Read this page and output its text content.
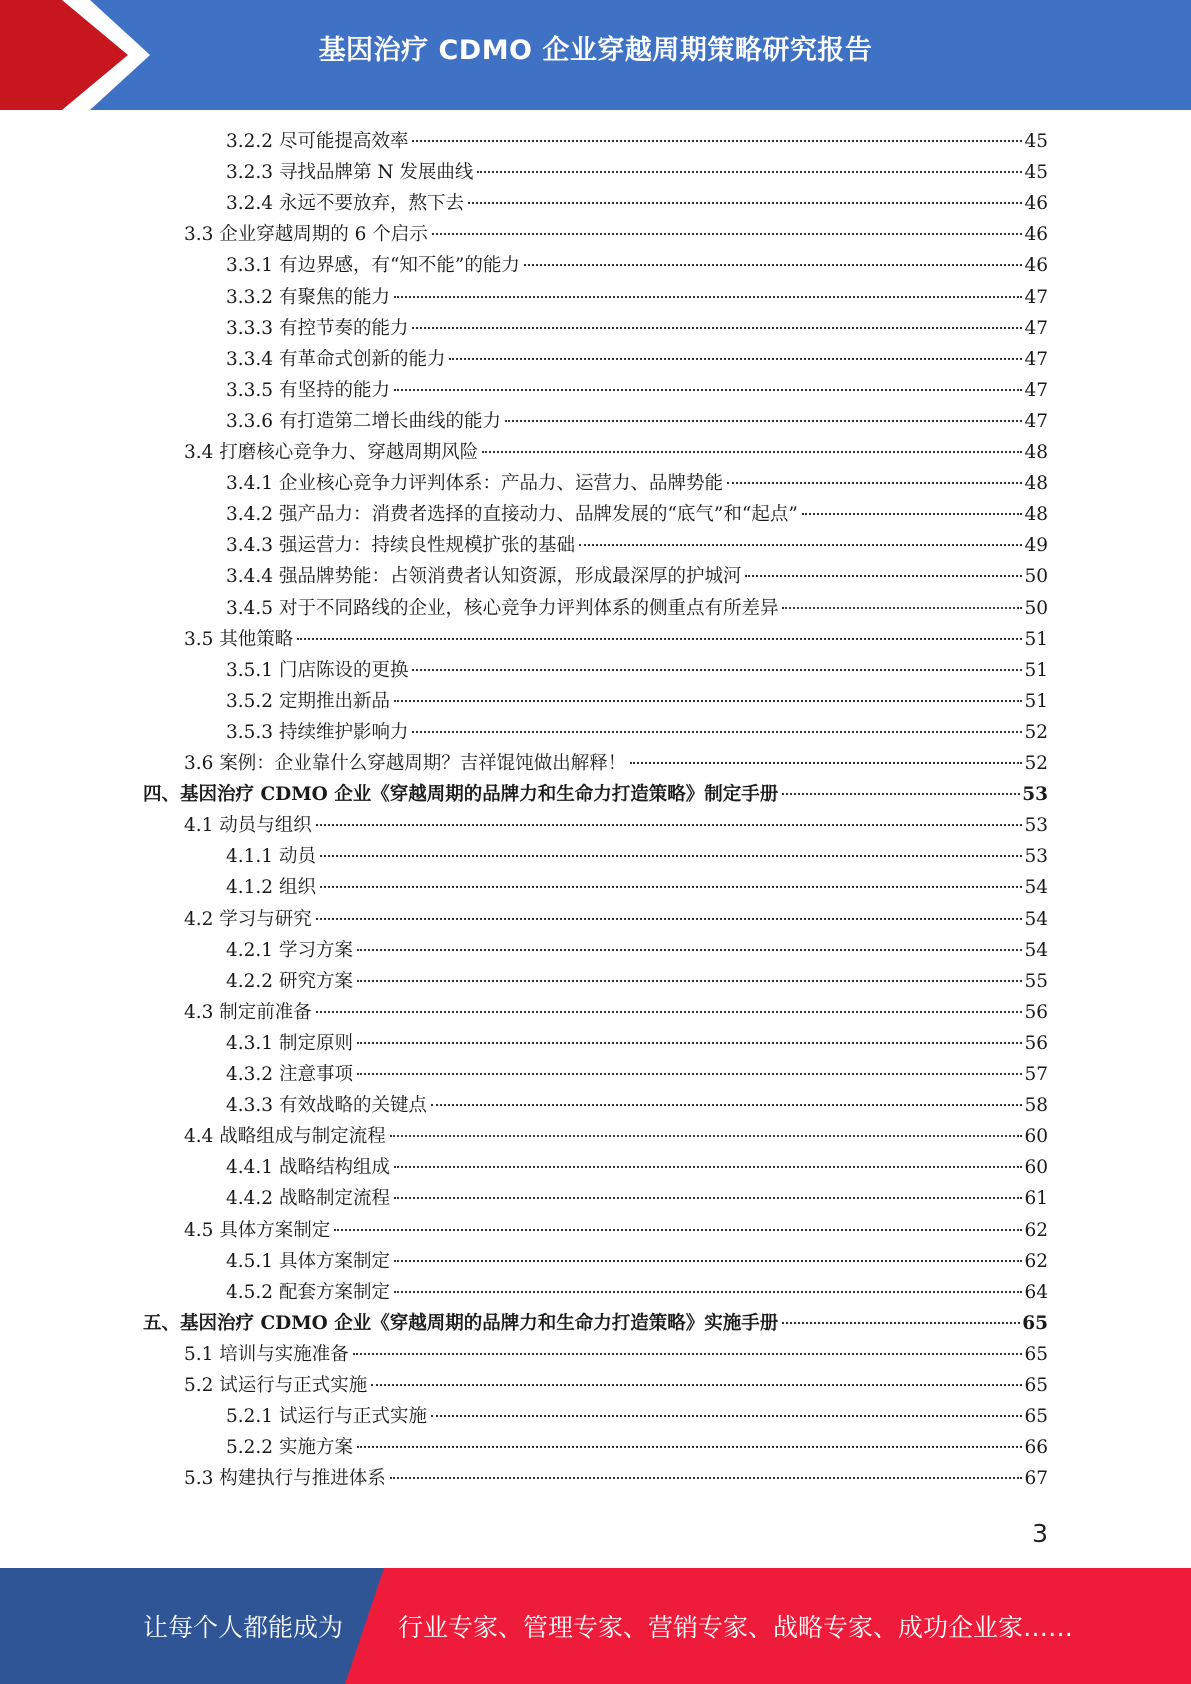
基因治疗 CDMO 企业穿越周期策略研究报告
3.2.2 尽可能提高效率	45
3.2.3 寻找品牌第 N 发展曲线	45
3.2.4 永远不要放弃，熬下去	46
3.3 企业穿越周期的 6 个启示	46
3.3.1 有边界感，有“知不能”的能力	46
3.3.2 有聚焦的能力	47
3.3.3 有控节奏的能力	47
3.3.4 有革命式创新的能力	47
3.3.5 有坚持的能力	47
3.3.6 有打造第二增长曲线的能力	47
3.4 打磨核心竞争力、穿越周期风险	48
3.4.1 企业核心竞争力评判体系：产品力、运营力、品牌势能	48
3.4.2 强产品力：消费者选择的直接动力、品牌发展的“底气”和“起点”	48
3.4.3 强运营力：持续良性规模扩张的基础	49
3.4.4 强品牌势能：占领消费者认知资源，形成最深厚的护城河	50
3.4.5 对于不同路线的企业，核心竞争力评判体系的侧重点有所差异	50
3.5 其他策略	51
3.5.1 门店陈设的更换	51
3.5.2 定期推出新品	51
3.5.3 持续维护影响力	52
3.6 案例：企业靠什么穿越周期？吉祥馄饨做出解释！	52
四、基因治疗 CDMO 企业《穿越周期的品牌力和生命力打造策略》制定手册	53
4.1 动员与组织	53
4.1.1 动员	53
4.1.2 组织	54
4.2 学习与研究	54
4.2.1 学习方案	54
4.2.2 研究方案	55
4.3 制定前准备	56
4.3.1 制定原则	56
4.3.2 注意事项	57
4.3.3 有效战略的关键点	58
4.4 战略组成与制定流程	60
4.4.1 战略结构组成	60
4.4.2 战略制定流程	61
4.5 具体方案制定	62
4.5.1 具体方案制定	62
4.5.2 配套方案制定	64
五、基因治疗 CDMO 企业《穿越周期的品牌力和生命力打造策略》实施手册	65
5.1 培训与实施准备	65
5.2 试运行与正式实施	65
5.2.1 试运行与正式实施	65
5.2.2 实施方案	66
5.3 构建执行与推进体系	67
3
让每个人都能成为 行业专家、管理专家、营销专家、战略专家、成功企业家……
